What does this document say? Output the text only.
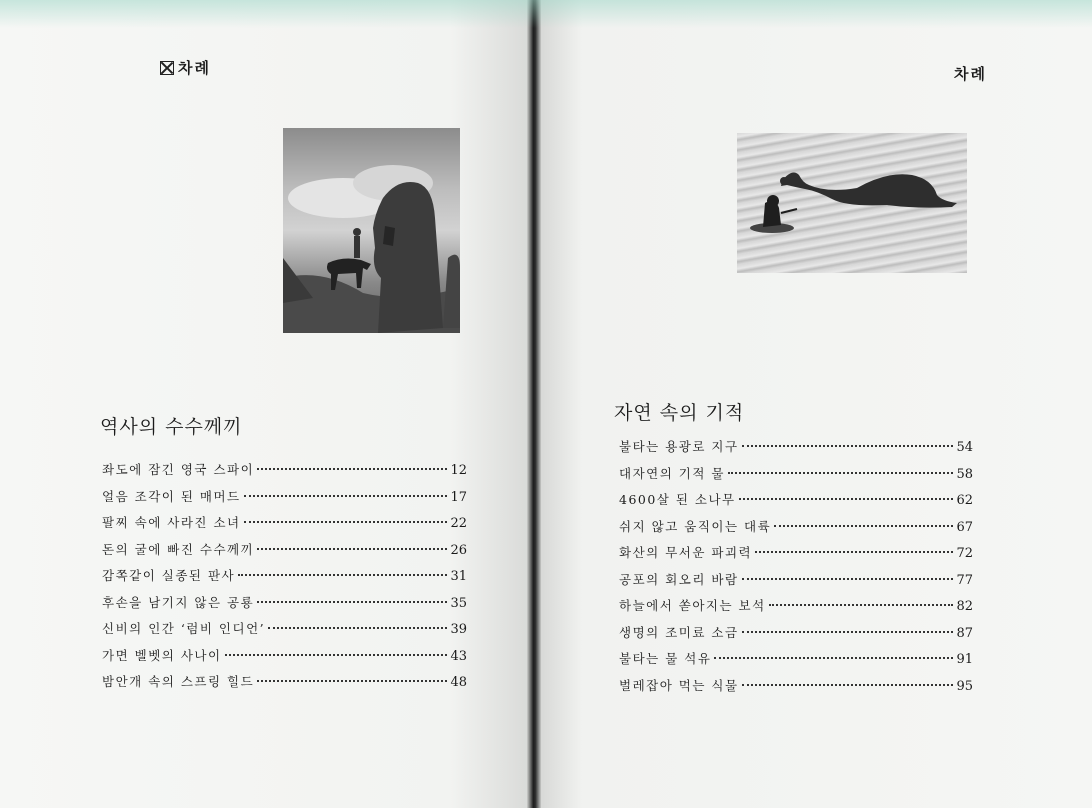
차례
역사의 수수께끼
좌도에 잠긴 영국 스파이	12
얼음 조각이 된 매머드	17
팔찌 속에 사라진 소녀	22
돈의 굴에 빠진 수수께끼	26
감쪽같이 실종된 판사	31
후손을 남기지 않은 공룡	35
신비의 인간 ‘럼비 인디언’	39
가면 벨벳의 사나이	43
밤안개 속의 스프링 힐드	48
차례
자연 속의 기적
불타는 용광로 지구	54
대자연의 기적 물	58
4600살 된 소나무	62
쉬지 않고 움직이는 대륙	67
화산의 무서운 파괴력	72
공포의 회오리 바람	77
하늘에서 쏟아지는 보석	82
생명의 조미료 소금	87
불타는 물 석유	91
벌레잡아 먹는 식물	95
